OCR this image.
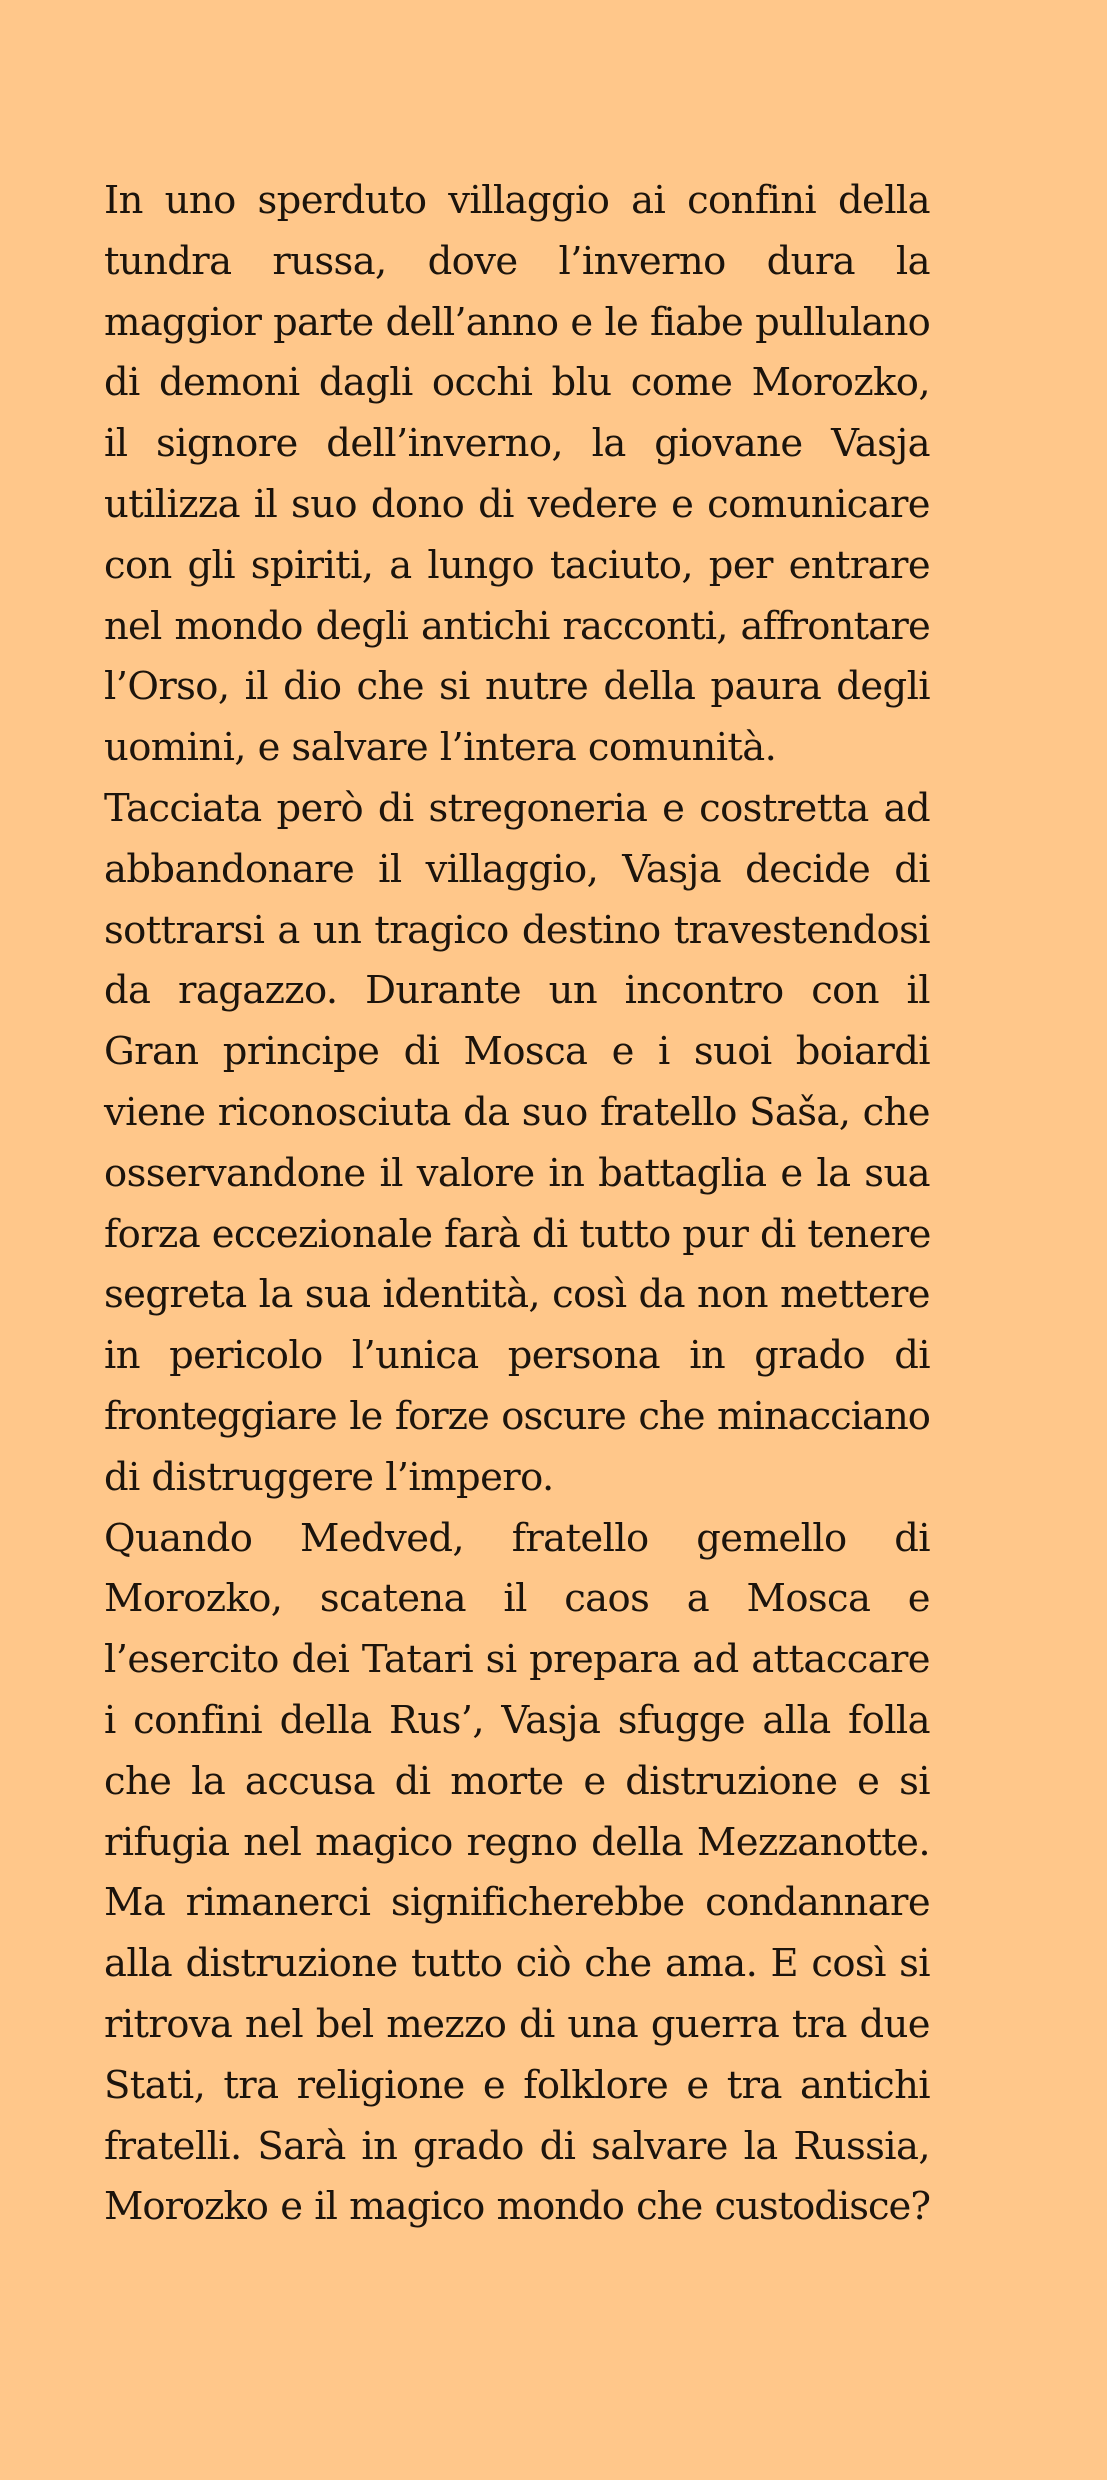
In uno sperduto villaggio ai confini della
tundra russa, dove l’inverno dura la
maggior parte dell’anno e le fiabe pullulano
di demoni dagli occhi blu come Morozko,
il signore dell’inverno, la giovane Vasja
utilizza il suo dono di vedere e comunicare
con gli spiriti, a lungo taciuto, per entrare
nel mondo degli antichi racconti, affrontare
l’Orso, il dio che si nutre della paura degli
uomini, e salvare l’intera comunità.
Tacciata però di stregoneria e costretta ad
abbandonare il villaggio, Vasja decide di
sottrarsi a un tragico destino travestendosi
da ragazzo. Durante un incontro con il
Gran principe di Mosca e i suoi boiardi
viene riconosciuta da suo fratello Saša, che
osservandone il valore in battaglia e la sua
forza eccezionale farà di tutto pur di tenere
segreta la sua identità, così da non mettere
in pericolo l’unica persona in grado di
fronteggiare le forze oscure che minacciano
di distruggere l’impero.
Quando Medved, fratello gemello di
Morozko, scatena il caos a Mosca e
l’esercito dei Tatari si prepara ad attaccare
i confini della Rus’, Vasja sfugge alla folla
che la accusa di morte e distruzione e si
rifugia nel magico regno della Mezzanotte.
Ma rimanerci significherebbe condannare
alla distruzione tutto ciò che ama. E così si
ritrova nel bel mezzo di una guerra tra due
Stati, tra religione e folklore e tra antichi
fratelli. Sarà in grado di salvare la Russia,
Morozko e il magico mondo che custodisce?
